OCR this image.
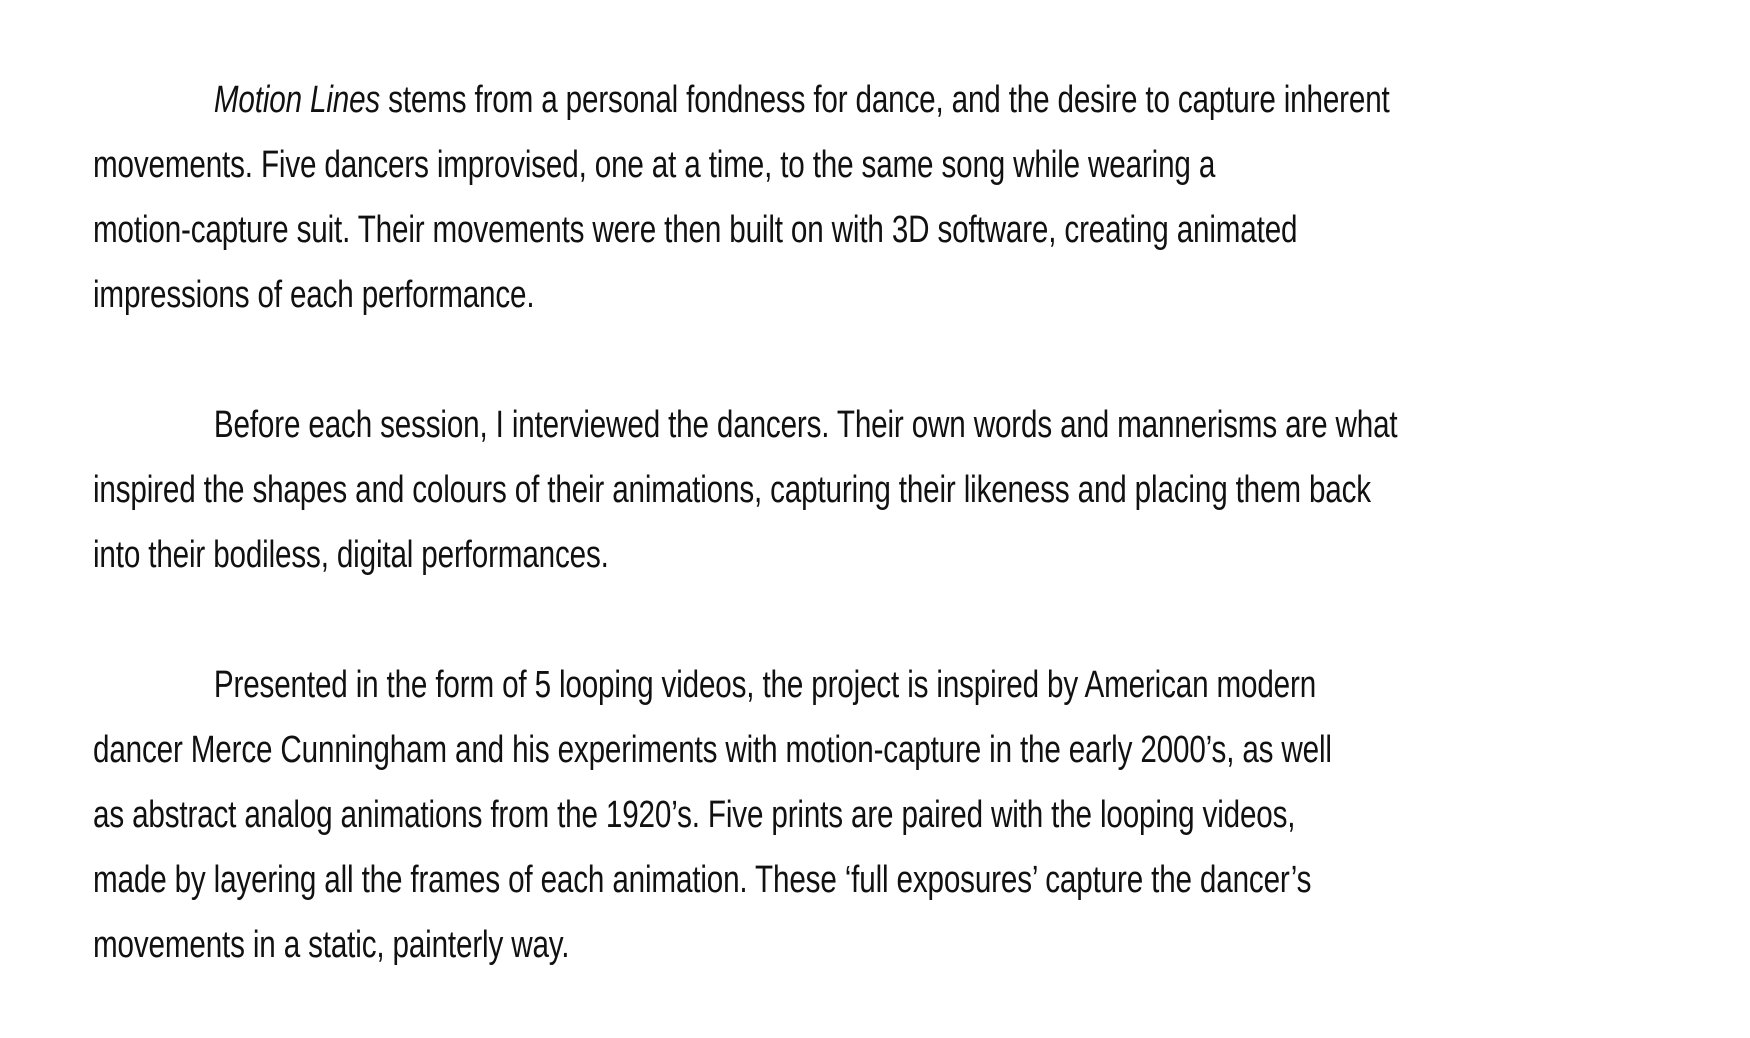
Motion Lines stems from a personal fondness for dance, and the desire to capture inherent
movements. Five dancers improvised, one at a time, to the same song while wearing a
motion-capture suit. Their movements were then built on with 3D software, creating animated
impressions of each performance.

Before each session, I interviewed the dancers. Their own words and mannerisms are what
inspired the shapes and colours of their animations, capturing their likeness and placing them back
into their bodiless, digital performances.

Presented in the form of 5 looping videos, the project is inspired by American modern
dancer Merce Cunningham and his experiments with motion-capture in the early 2000’s, as well
as abstract analog animations from the 1920’s. Five prints are paired with the looping videos,
made by layering all the frames of each animation. These ‘full exposures’ capture the dancer’s
movements in a static, painterly way.
